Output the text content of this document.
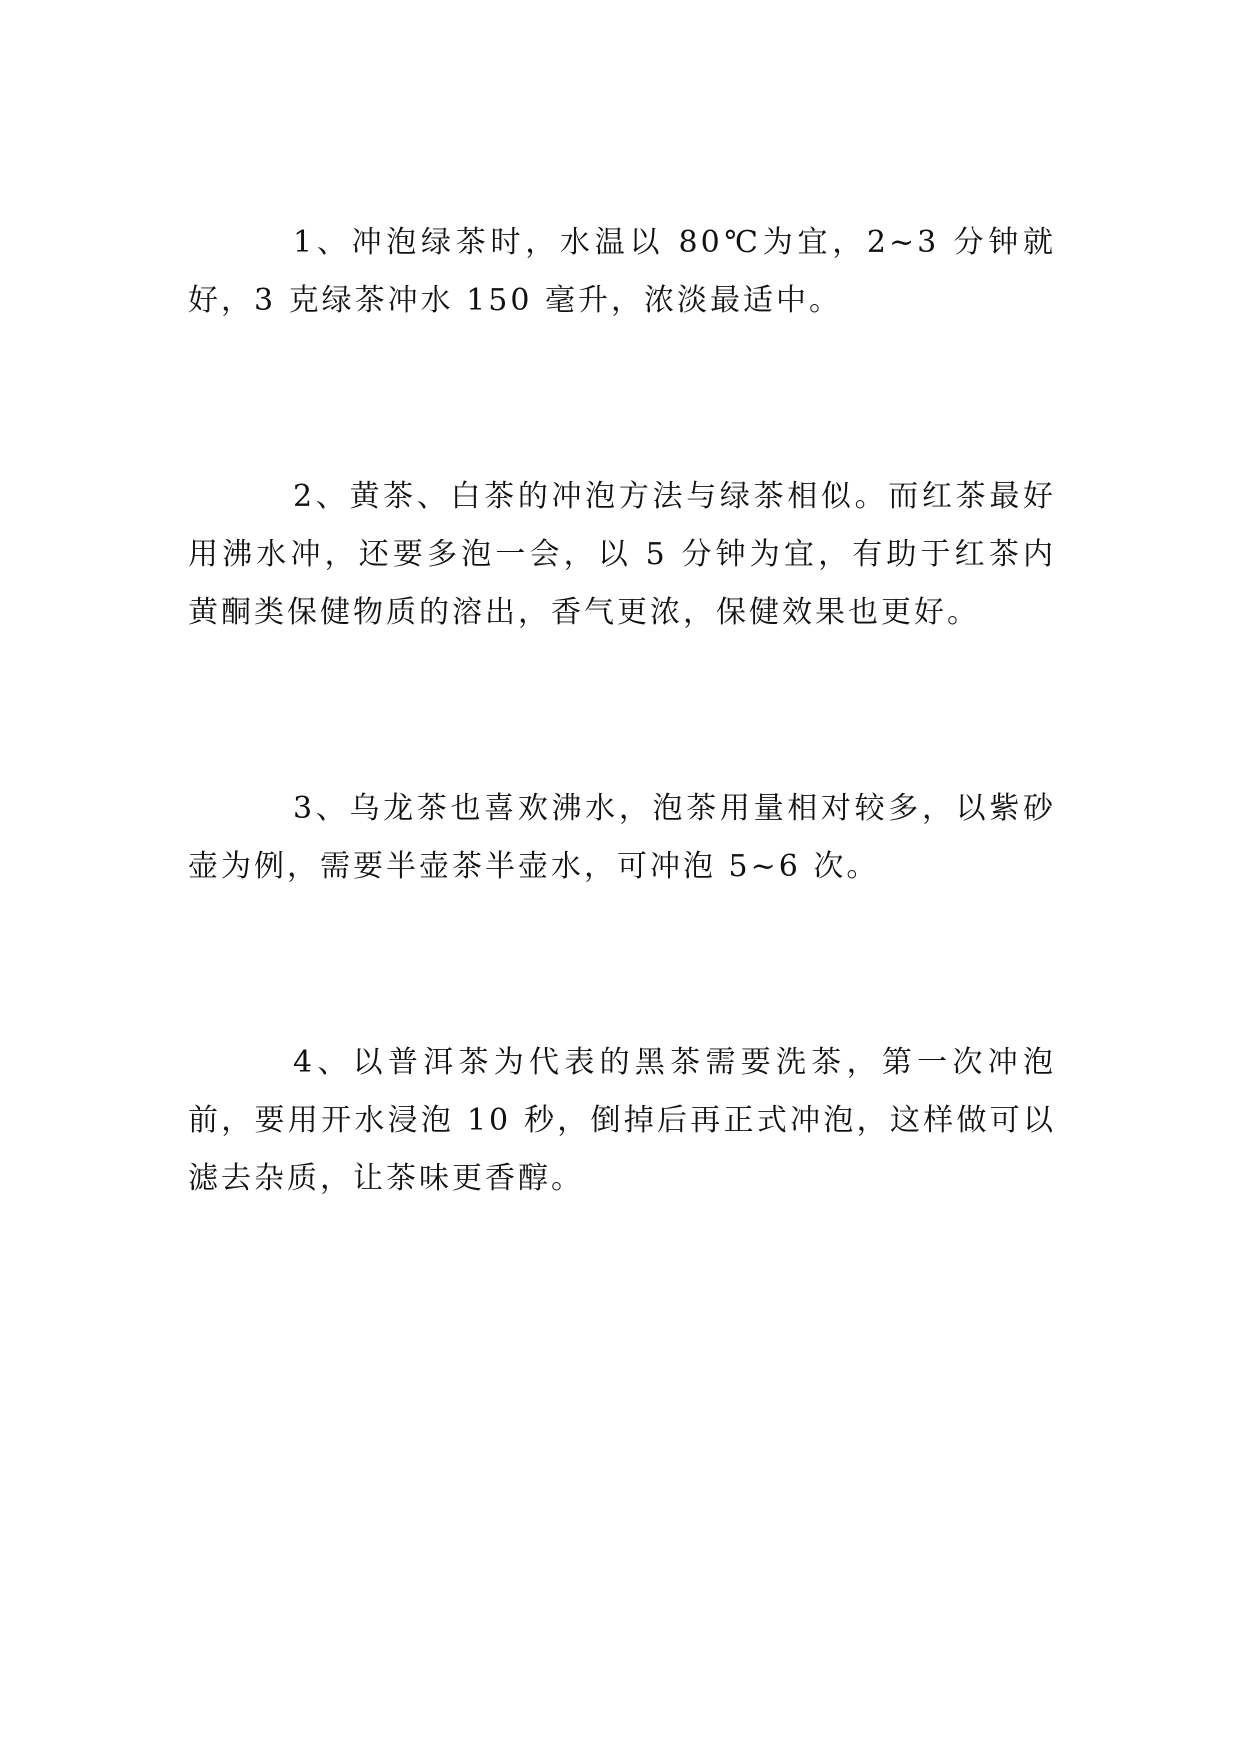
1、冲泡绿茶时，水温以 80℃为宜，2~3 分钟就好，3 克绿茶冲水 150 毫升，浓淡最适中。

2、黄茶、白茶的冲泡方法与绿茶相似。而红茶最好用沸水冲，还要多泡一会，以 5 分钟为宜，有助于红茶内黄酮类保健物质的溶出，香气更浓，保健效果也更好。

3、乌龙茶也喜欢沸水，泡茶用量相对较多，以紫砂壶为例，需要半壶茶半壶水，可冲泡 5~6 次。

4、以普洱茶为代表的黑茶需要洗茶，第一次冲泡前，要用开水浸泡 10 秒，倒掉后再正式冲泡，这样做可以滤去杂质，让茶味更香醇。
